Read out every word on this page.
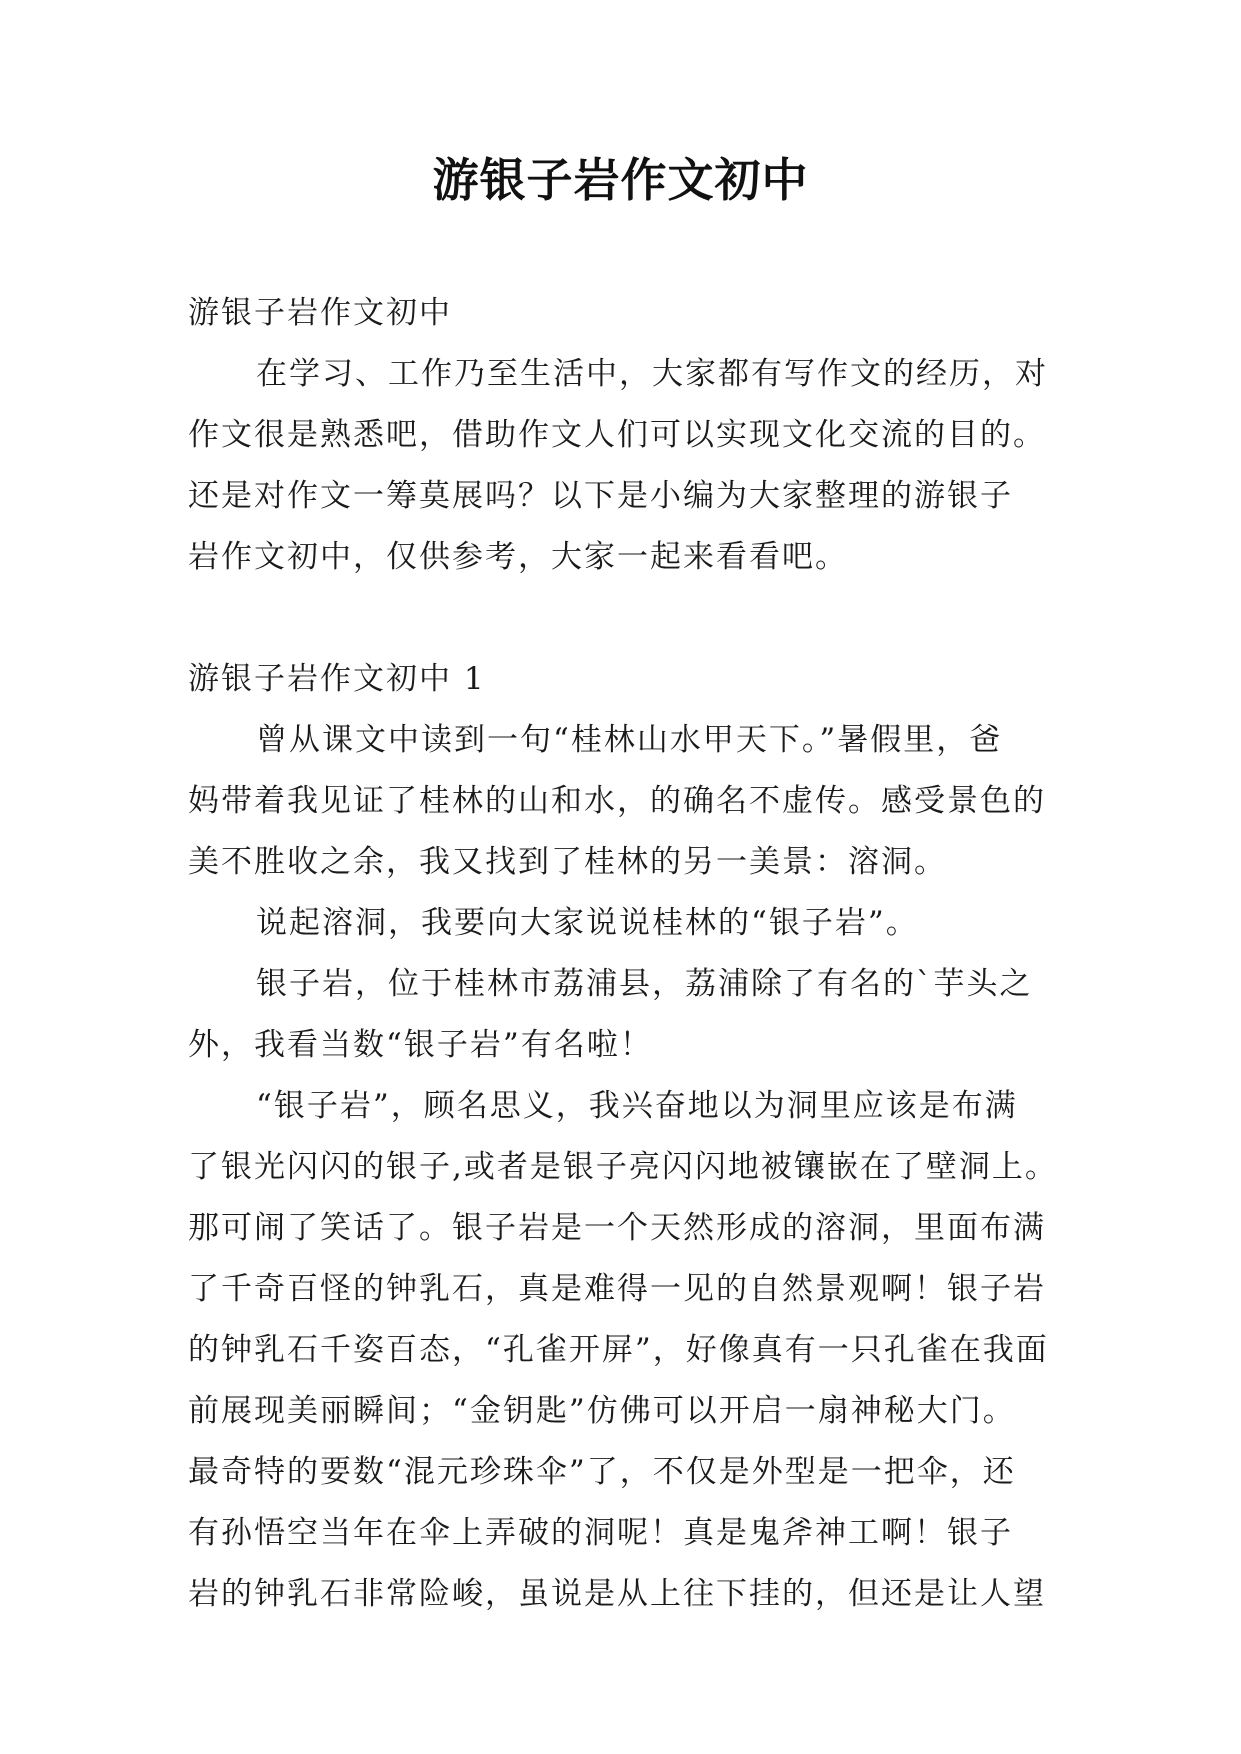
游银子岩作文初中
游银子岩作文初中
在学习、工作乃至生活中，大家都有写作文的经历，对
作文很是熟悉吧，借助作文人们可以实现文化交流的目的。
还是对作文一筹莫展吗？以下是小编为大家整理的游银子
岩作文初中，仅供参考，大家一起来看看吧。
游银子岩作文初中 1
曾从课文中读到一句“桂林山水甲天下。”暑假里，爸
妈带着我见证了桂林的山和水，的确名不虚传。感受景色的
美不胜收之余，我又找到了桂林的另一美景：溶洞。
说起溶洞，我要向大家说说桂林的“银子岩”。
银子岩，位于桂林市荔浦县，荔浦除了有名的`芋头之
外，我看当数“银子岩”有名啦！
“银子岩”，顾名思义，我兴奋地以为洞里应该是布满
了银光闪闪的银子,或者是银子亮闪闪地被镶嵌在了壁洞上。
那可闹了笑话了。银子岩是一个天然形成的溶洞，里面布满
了千奇百怪的钟乳石，真是难得一见的自然景观啊！银子岩
的钟乳石千姿百态，“孔雀开屏”，好像真有一只孔雀在我面
前展现美丽瞬间；“金钥匙”仿佛可以开启一扇神秘大门。
最奇特的要数“混元珍珠伞”了，不仅是外型是一把伞，还
有孙悟空当年在伞上弄破的洞呢！真是鬼斧神工啊！银子
岩的钟乳石非常险峻，虽说是从上往下挂的，但还是让人望
